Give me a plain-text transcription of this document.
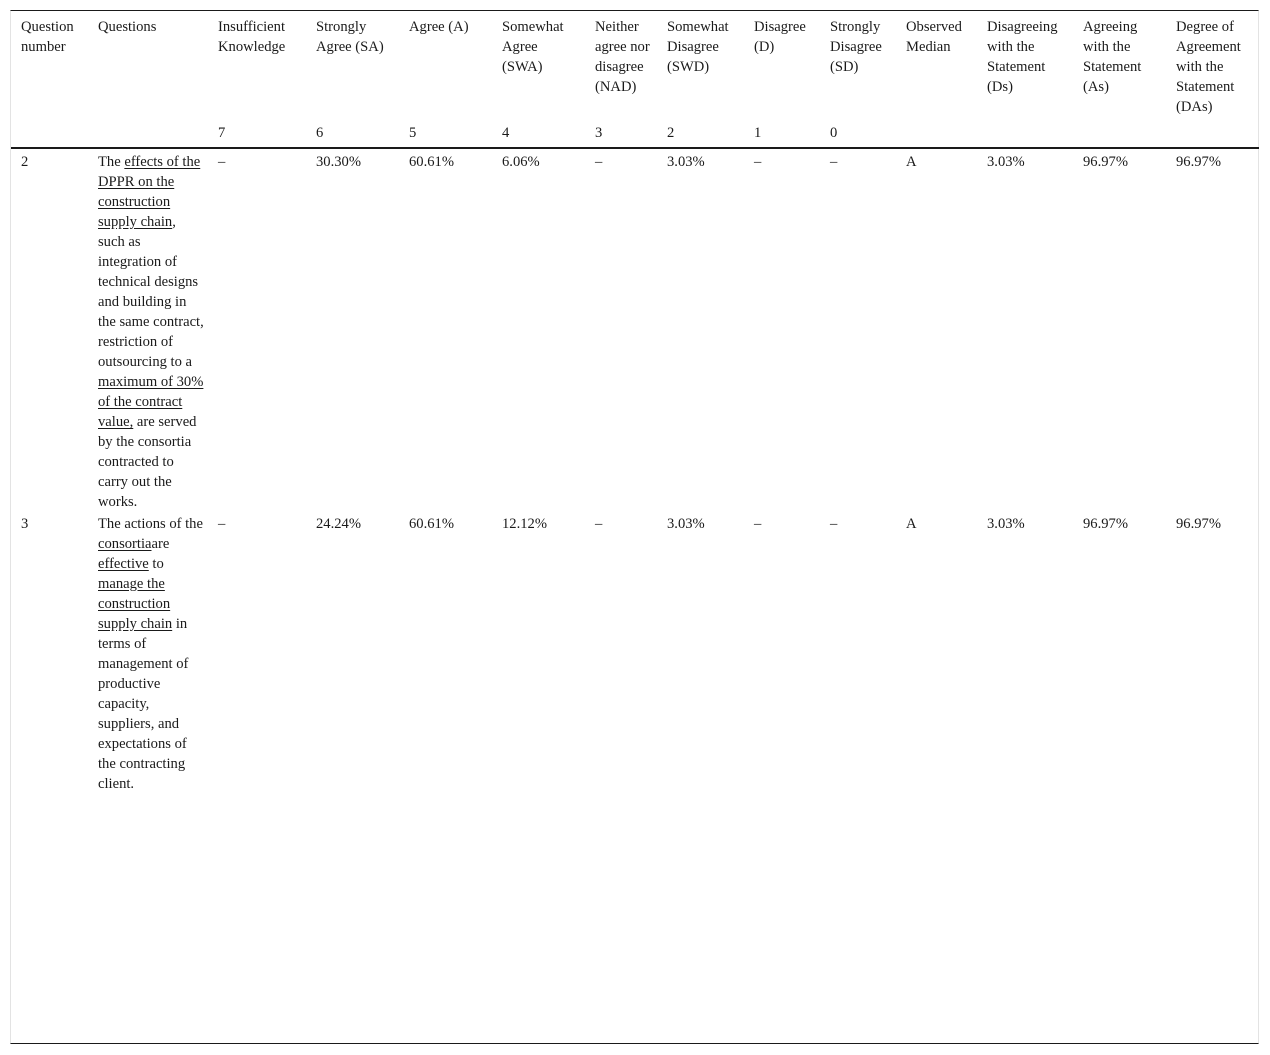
Question number	Questions	Insufficient Knowledge	Strongly Agree (SA)	Agree (A)	Somewhat Agree (SWA)	Neither agree nor disagree (NAD)	Somewhat Disagree (SWD)	Disagree (D)	Strongly Disagree (SD)	Observed Median	Disagreeing with the Statement (Ds)	Agreeing with the Statement (As)	Degree of Agreement with the Statement (DAs)
		7	6	5	4	3	2	1	0				
2	The effects of the DPPR on the construction supply chain, such as integration of technical designs and building in the same contract, restriction of outsourcing to a maximum of 30% of the contract value, are served by the consortia contracted to carry out the works.	–	30.30%	60.61%	6.06%	–	3.03%	–	–	A	3.03%	96.97%	96.97%
3	The actions of the consortiaare effective to manage the construction supply chain in terms of management of productive capacity, suppliers, and expectations of the contracting client.	–	24.24%	60.61%	12.12%	–	3.03%	–	–	A	3.03%	96.97%	96.97%
